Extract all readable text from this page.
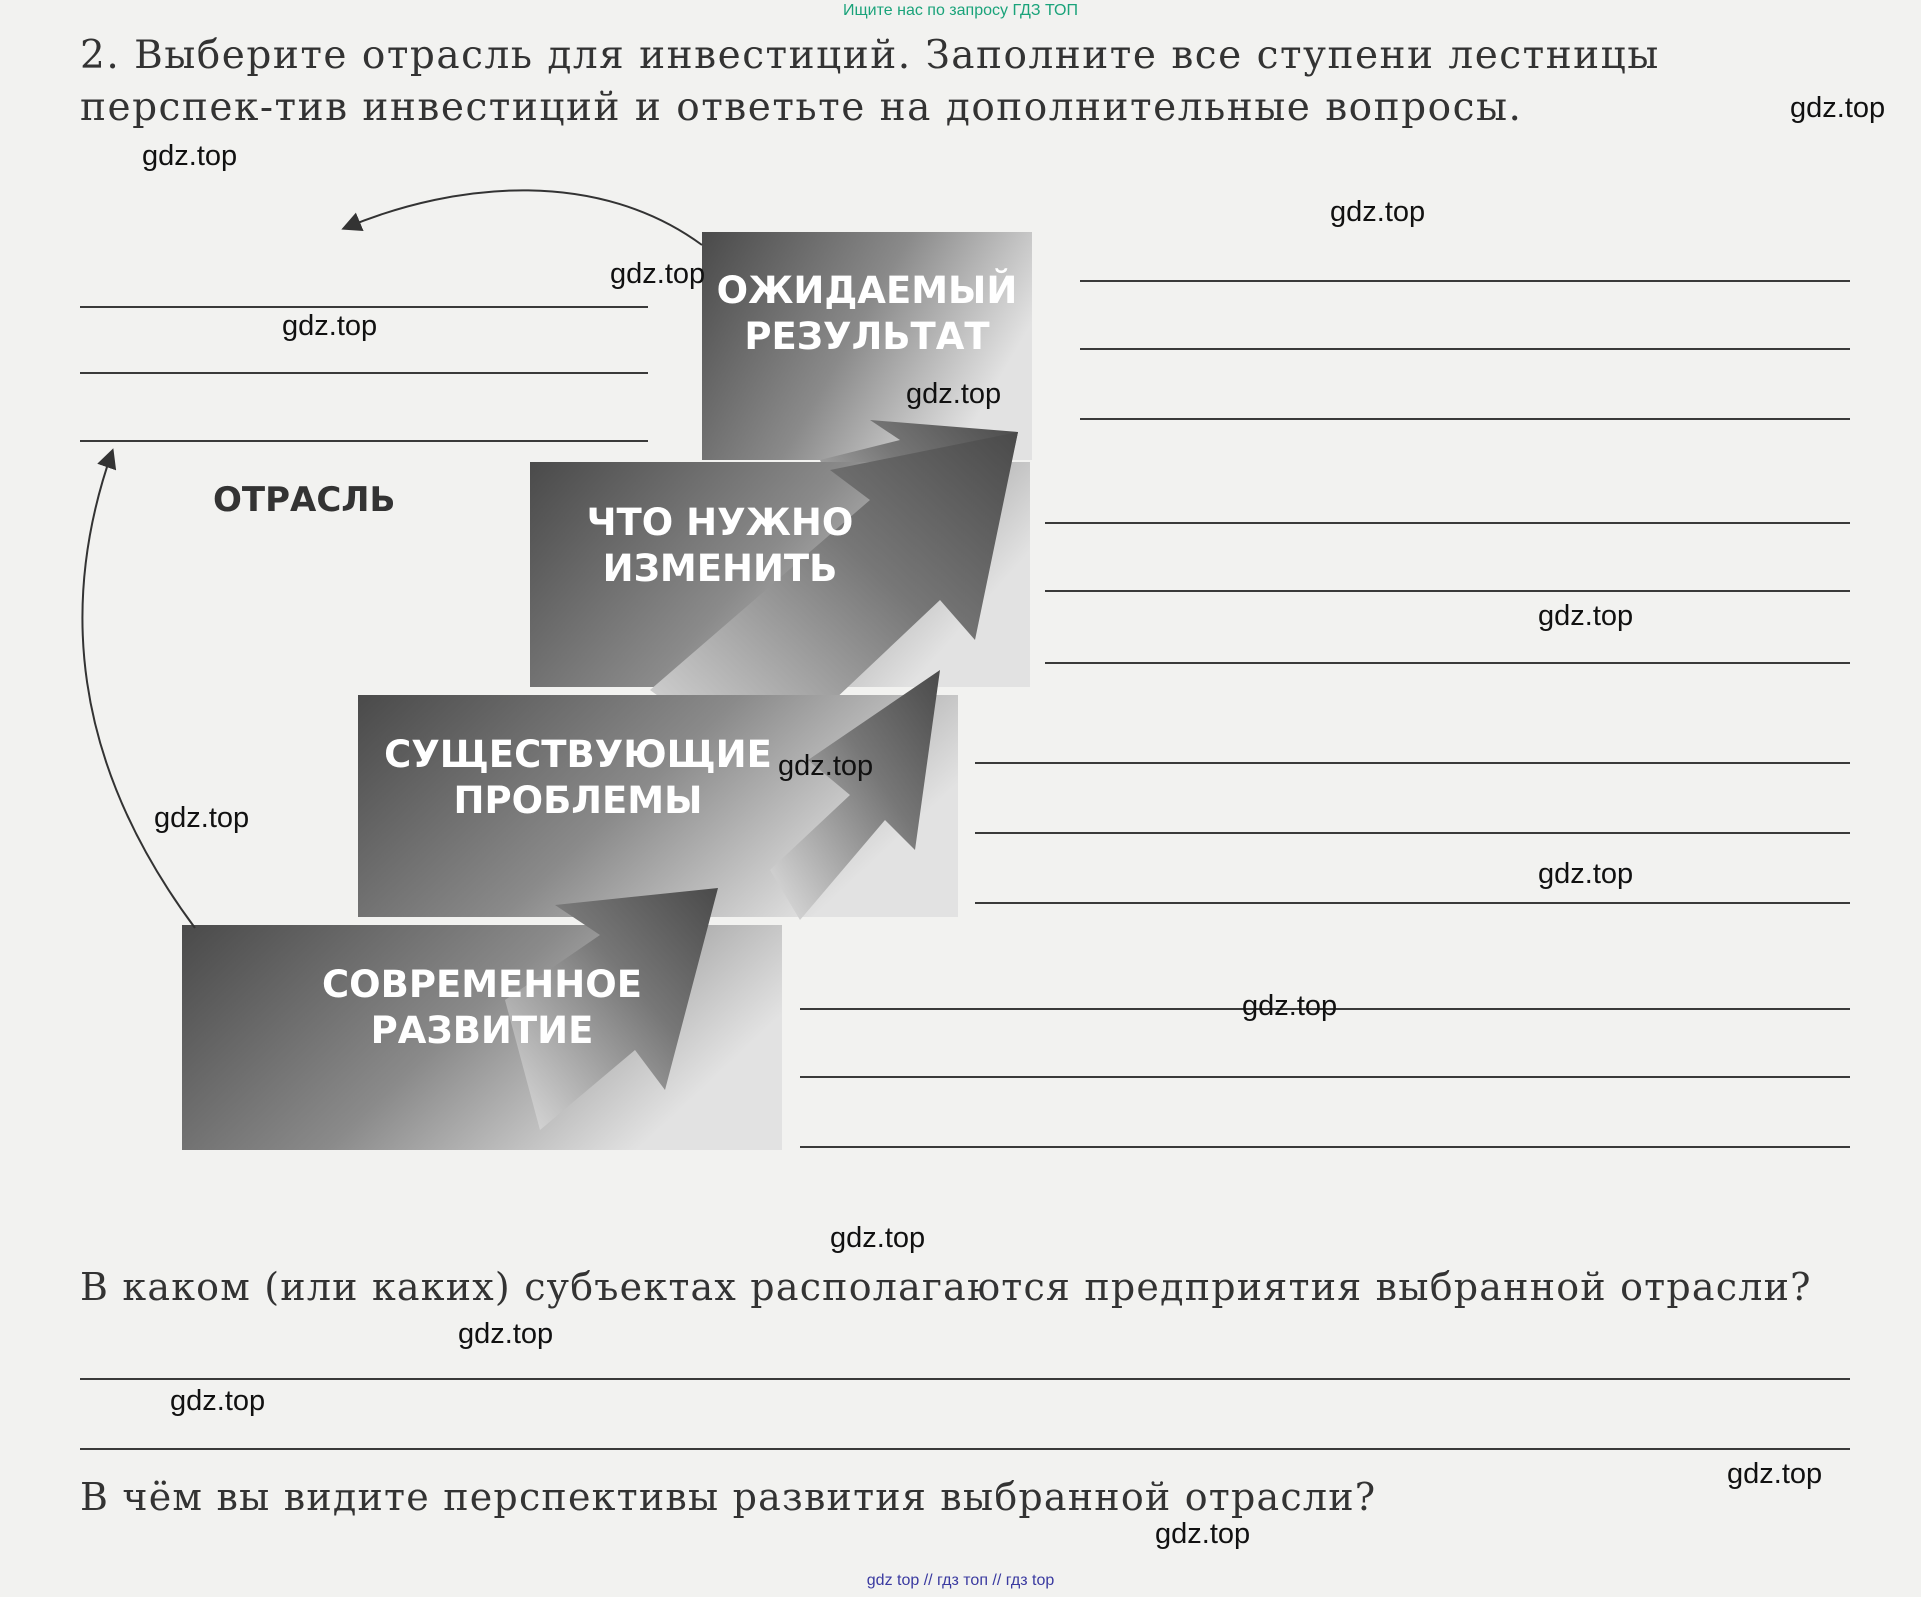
Ищите нас по запросу ГДЗ ТОП
gdz top // гдз топ // гдз top
2. Выберите отрасль для инвестиций. Заполните все ступени лестницы перспек-тив инвестиций и ответьте на дополнительные вопросы.
СОВРЕМЕННОЕ
РАЗВИТИЕ
СУЩЕСТВУЮЩИЕ
ПРОБЛЕМЫ
ЧТО НУЖНО
ИЗМЕНИТЬ
ОЖИДАЕМЫЙ
РЕЗУЛЬТАТ
ОТРАСЛЬ
В каком (или каких) субъектах располагаются предприятия выбранной отрасли?
В чём вы видите перспективы развития выбранной отрасли?
gdz.top
gdz.top
gdz.top
gdz.top
gdz.top
gdz.top
gdz.top
gdz.top
gdz.top
gdz.top
gdz.top
gdz.top
gdz.top
gdz.top
gdz.top
gdz.top
